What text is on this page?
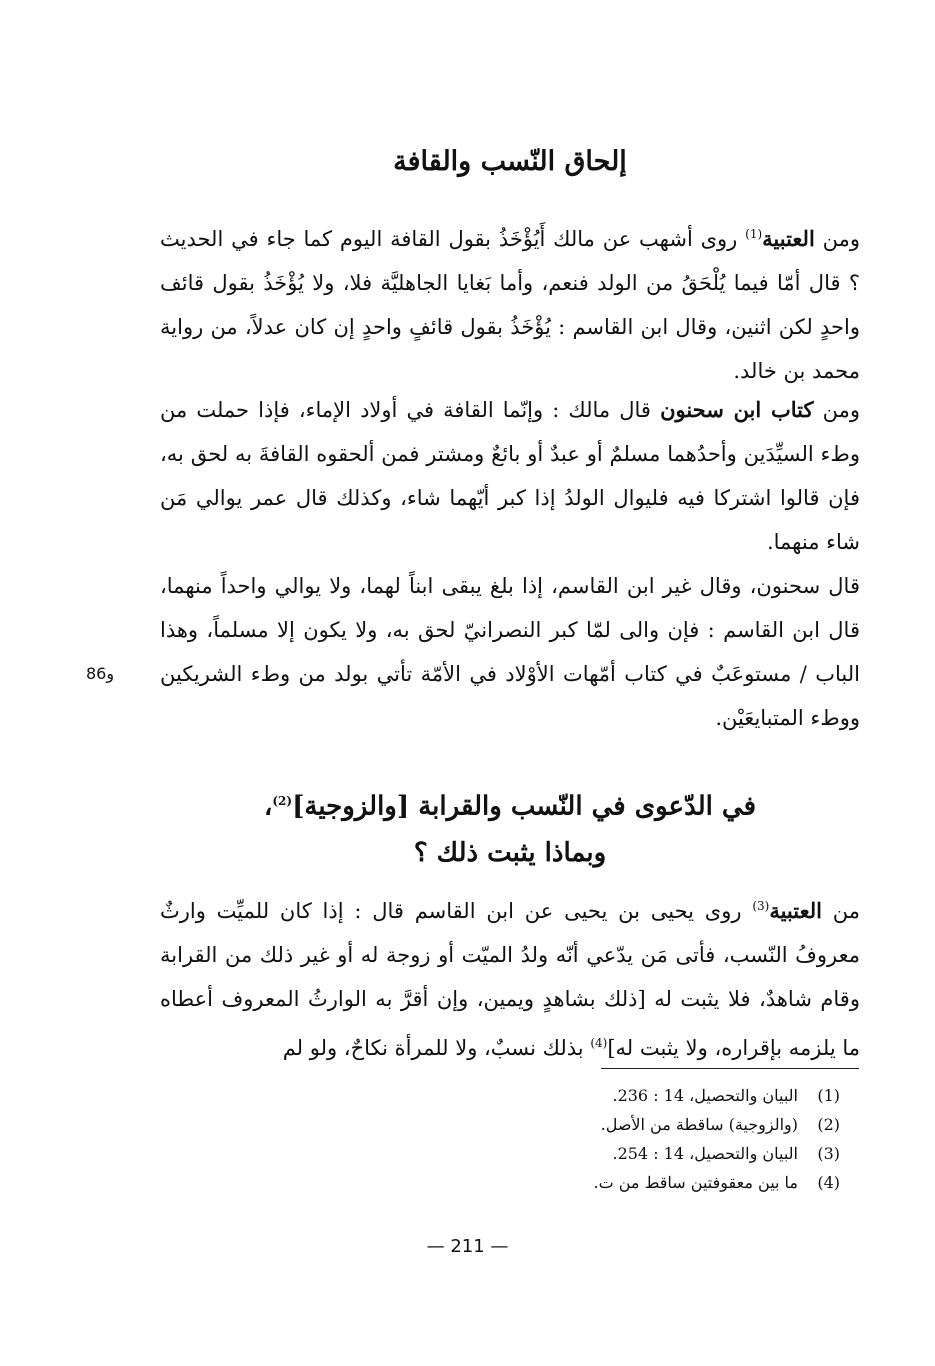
إلحاق النّسب والقافة

ومن العتبية$^{(1)}$ روى أشهب عن مالك أَيُؤْخَذُ بقول القافة اليوم كما جاء في الحديث ؟ قال أمّا فيما يُلْحَقُ من الولد فنعم، وأما بَغايا الجاهليَّة فلا، ولا يُؤْخَذُ بقول قائف واحدٍ لكن اثنين، وقال ابن القاسم : يُؤْخَذُ بقول قائفٍ واحدٍ إن كان عدلاً، من رواية محمد بن خالد.

ومن كتاب ابن سحنون قال مالك : وإنّما القافة في أولاد الإماء، فإذا حملت من وطء السيِّدَين وأحدُهما مسلمٌ أو عبدٌ أو بائعٌ ومشتر فمن ألحقوه القافةَ به لحق به، فإن قالوا اشتركا فيه فليوال الولدُ إذا كبر أيّهما شاء، وكذلك قال عمر يوالي مَن شاء منهما.

قال سحنون، وقال غير ابن القاسم، إذا بلغ يبقى ابناً لهما، ولا يوالي واحداً منهما، قال ابن القاسم : فإن والى لمّا كبر النصرانيّ لحق به، ولا يكون إلا مسلماً، وهذا الباب / مستوعَبٌ في كتاب أمّهات الأوْلاد في الأمّة تأتي بولد من وطء الشريكين ووطء المتبايعَيْن.

86و
في الدّعوى في النّسب والقرابة [والزوجية]$^{(2)}$،
وبماذا يثبت ذلك ؟

من العتبية$^{(3)}$ روى يحيى بن يحيى عن ابن القاسم قال : إذا كان للميِّت وارثٌ معروفُ النّسب، فأتى مَن يدّعي أنّه ولدُ الميّت أو زوجة له أو غير ذلك من القرابة وقام شاهدٌ، فلا يثبت له [ذلك بشاهدٍ ويمين، وإن أقرَّ به الوارثُ المعروف أعطاه ما يلزمه بإقراره، ولا يثبت له]$^{(4)}$ بذلك نسبٌ، ولا للمرأة نكاحٌ، ولو لم

(1)
البيان والتحصيل، 14 : 236.
(2)
(والزوجية) ساقطة من الأصل.
(3)
البيان والتحصيل، 14 : 254.
(4)
ما بين معقوفتين ساقط من ت.
— 211 —
